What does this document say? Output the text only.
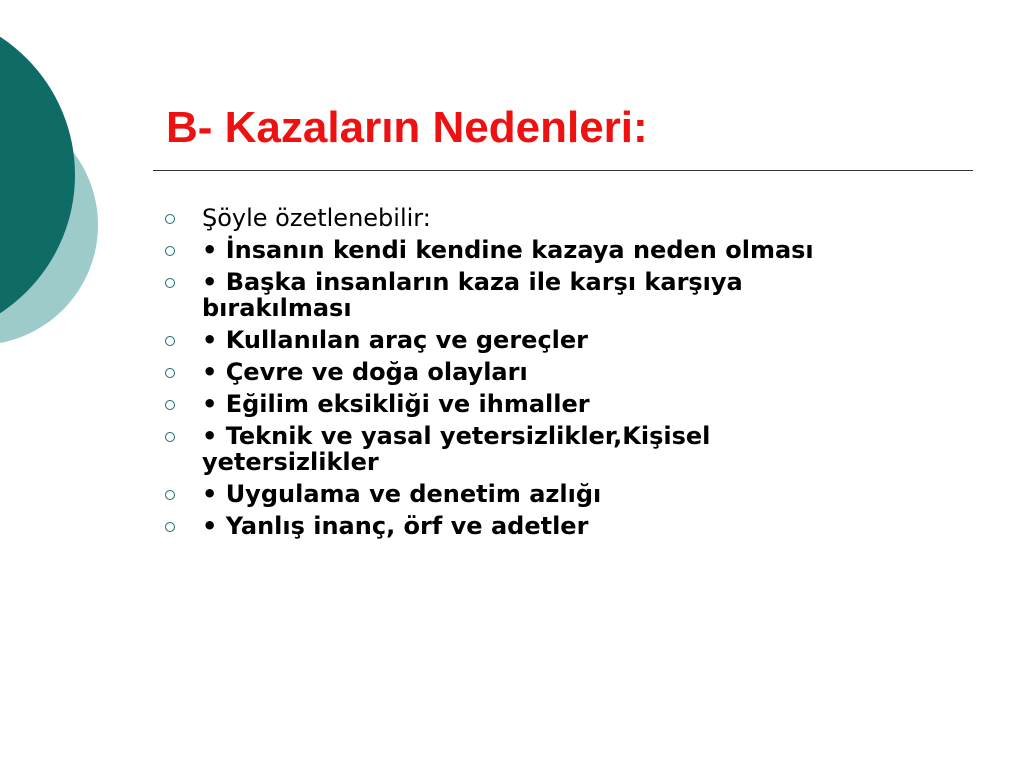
B- Kazaların Nedenleri:
Şöyle özetlenebilir:
• İnsanın kendi kendine kazaya neden olması
• Başka insanların kaza ile karşı karşıya bırakılması
• Kullanılan araç ve gereçler
• Çevre ve doğa olayları
• Eğilim eksikliği ve ihmaller
• Teknik ve yasal yetersizlikler,Kişisel yetersizlikler
• Uygulama ve denetim azlığı
• Yanlış inanç, örf ve adetler
